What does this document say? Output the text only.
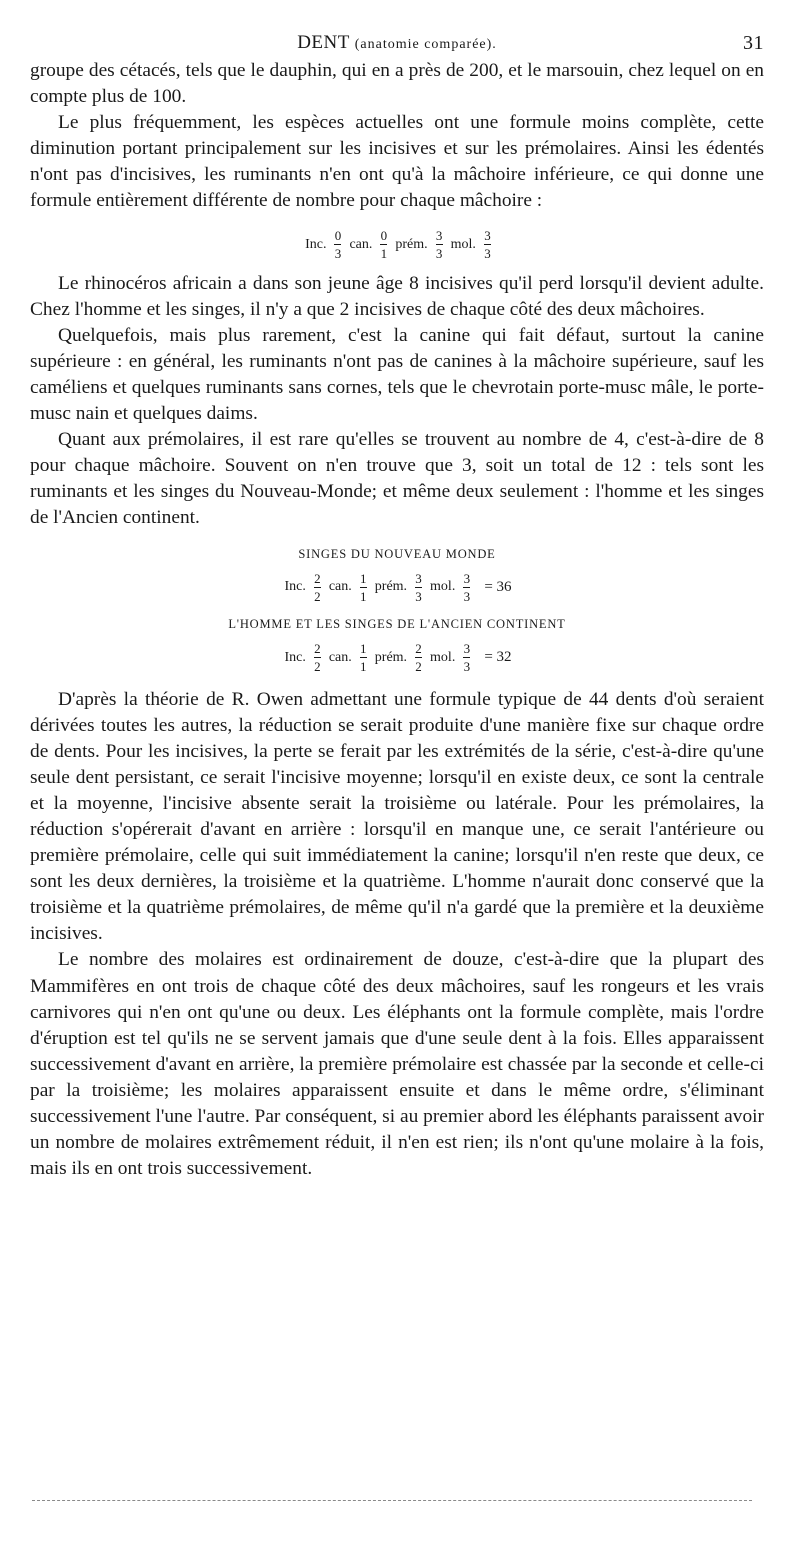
DENT (anatomie comparée).	31

groupe des cétacés, tels que le dauphin, qui en a près de 200, et le marsouin, chez lequel on en compte plus de 100.

Le plus fréquemment, les espèces actuelles ont une formule moins complète, cette diminution portant principalement sur les incisives et sur les prémolaires. Ainsi les édentés n'ont pas d'incisives, les ruminants n'en ont qu'à la mâchoire inférieure, ce qui donne une formule entièrement différente de nombre pour chaque mâchoire :

Inc. $\frac{0}{3}$ can. $\frac{0}{1}$ prém. $\frac{3}{3}$ mol. $\frac{3}{3}$

Le rhinocéros africain a dans son jeune âge 8 incisives qu'il perd lorsqu'il devient adulte. Chez l'homme et les singes, il n'y a que 2 incisives de chaque côté des deux mâchoires.

Quelquefois, mais plus rarement, c'est la canine qui fait défaut, surtout la canine supérieure : en général, les ruminants n'ont pas de canines à la mâchoire supérieure, sauf les caméliens et quelques ruminants sans cornes, tels que le chevrotain porte-musc mâle, le porte-musc nain et quelques daims.

Quant aux prémolaires, il est rare qu'elles se trouvent au nombre de 4, c'est-à-dire de 8 pour chaque mâchoire. Souvent on n'en trouve que 3, soit un total de 12 : tels sont les ruminants et les singes du Nouveau-Monde; et même deux seulement : l'homme et les singes de l'Ancien continent.

SINGES DU NOUVEAU MONDE
Inc. $\frac{2}{2}$ can. $\frac{1}{1}$ prém. $\frac{3}{3}$ mol. $\frac{3}{3} = 36$
L'HOMME ET LES SINGES DE L'ANCIEN CONTINENT
Inc. $\frac{2}{2}$ can. $\frac{1}{1}$ prém. $\frac{2}{2}$ mol. $\frac{3}{3} = 32$

D'après la théorie de R. Owen admettant une formule typique de 44 dents d'où seraient dérivées toutes les autres, la réduction se serait produite d'une manière fixe sur chaque ordre de dents. Pour les incisives, la perte se ferait par les extrémités de la série, c'est-à-dire qu'une seule dent persistant, ce serait l'incisive moyenne; lorsqu'il en existe deux, ce sont la centrale et la moyenne, l'incisive absente serait la troisième ou latérale. Pour les prémolaires, la réduction s'opérerait d'avant en arrière : lorsqu'il en manque une, ce serait l'antérieure ou première prémolaire, celle qui suit immédiatement la canine; lorsqu'il n'en reste que deux, ce sont les deux dernières, la troisième et la quatrième. L'homme n'aurait donc conservé que la troisième et la quatrième prémolaires, de même qu'il n'a gardé que la première et la deuxième incisives.

Le nombre des molaires est ordinairement de douze, c'est-à-dire que la plupart des Mammifères en ont trois de chaque côté des deux mâchoires, sauf les rongeurs et les vrais carnivores qui n'en ont qu'une ou deux. Les éléphants ont la formule complète, mais l'ordre d'éruption est tel qu'ils ne se servent jamais que d'une seule dent à la fois. Elles apparaissent successivement d'avant en arrière, la première prémolaire est chassée par la seconde et celle-ci par la troisième; les molaires apparaissent ensuite et dans le même ordre, s'éliminant successivement l'une l'autre. Par conséquent, si au premier abord les éléphants paraissent avoir un nombre de molaires extrêmement réduit, il n'en est rien; ils n'ont qu'une molaire à la fois, mais ils en ont trois successivement.
